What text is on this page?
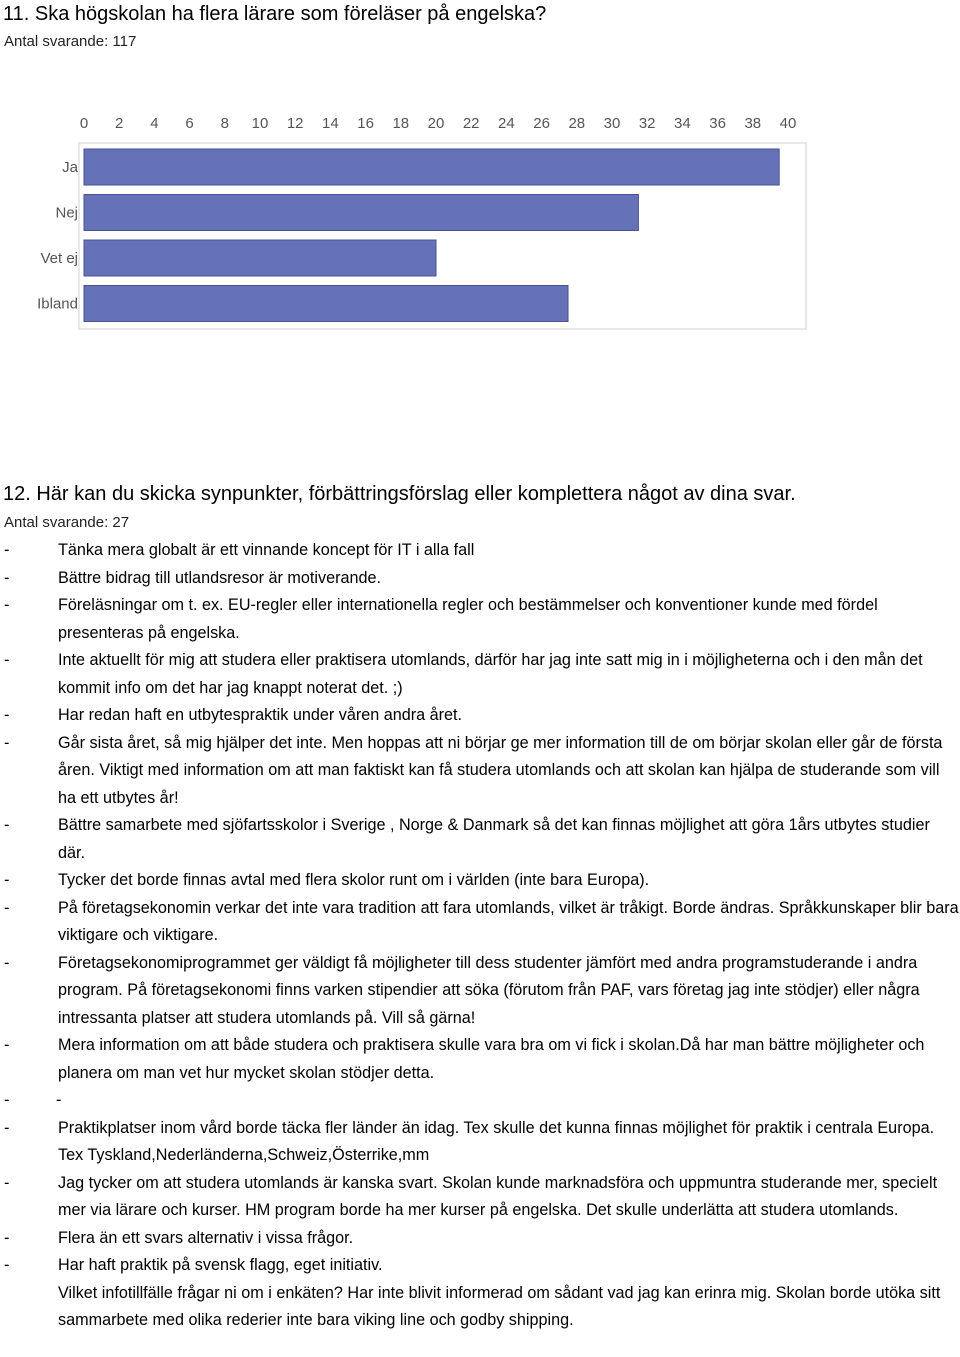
11. Ska högskolan ha flera lärare som föreläser på engelska?
Antal svarande: 117
0 2 4 6 8 10 12 14 16 18 20 22 24 26 28 30 32 34 36 38 40
Ja
Nej
Vet ej
Ibland
12. Här kan du skicka synpunkter, förbättringsförslag eller komplettera något av dina svar.
Antal svarande: 27
-	Tänka mera globalt är ett vinnande koncept för IT i alla fall
-	Bättre bidrag till utlandsresor är motiverande.
-	Föreläsningar om t. ex. EU-regler eller internationella regler och bestämmelser och konventioner kunde med fördel presenteras på engelska.
-	Inte aktuellt för mig att studera eller praktisera utomlands, därför har jag inte satt mig in i möjligheterna och i den mån det kommit info om det har jag knappt noterat det. ;)
-	Har redan haft en utbytespraktik under våren andra året.
-	Går sista året, så mig hjälper det inte. Men hoppas att ni börjar ge mer information till de om börjar skolan eller går de första åren. Viktigt med information om att man faktiskt kan få studera utomlands och att skolan kan hjälpa de studerande som vill ha ett utbytes år!
-	Bättre samarbete med sjöfartsskolor i Sverige , Norge & Danmark så det kan finnas möjlighet att göra 1års utbytes studier där.
-	Tycker det borde finnas avtal med flera skolor runt om i världen (inte bara Europa).
-	På företagsekonomin verkar det inte vara tradition att fara utomlands, vilket är tråkigt. Borde ändras. Språkkunskaper blir bara viktigare och viktigare.
-	Företagsekonomiprogrammet ger väldigt få möjligheter till dess studenter jämfört med andra programstuderande i andra program. På företagsekonomi finns varken stipendier att söka (förutom från PAF, vars företag jag inte stödjer) eller några intressanta platser att studera utomlands på. Vill så gärna!
-	Mera information om att både studera och praktisera skulle vara bra om vi fick i skolan.Då har man bättre möjligheter och planera om man vet hur mycket skolan stödjer detta.
-	-

-	Praktikplatser inom vård borde täcka fler länder än idag. Tex skulle det kunna finnas möjlighet för praktik i centrala Europa. Tex Tyskland,Nederländerna,Schweiz,Österrike,mm
-	Jag tycker om att studera utomlands är kanska svart. Skolan kunde marknadsföra och uppmuntra studerande mer, specielt mer via lärare och kurser. HM program borde ha mer kurser på engelska. Det skulle underlätta att studera utomlands.
-	Flera än ett svars alternativ i vissa frågor.
-	Har haft praktik på svensk flagg, eget initiativ.
Vilket infotillfälle frågar ni om i enkäten? Har inte blivit informerad om sådant vad jag kan erinra mig. Skolan borde utöka sitt sammarbete med olika rederier inte bara viking line och godby shipping.
